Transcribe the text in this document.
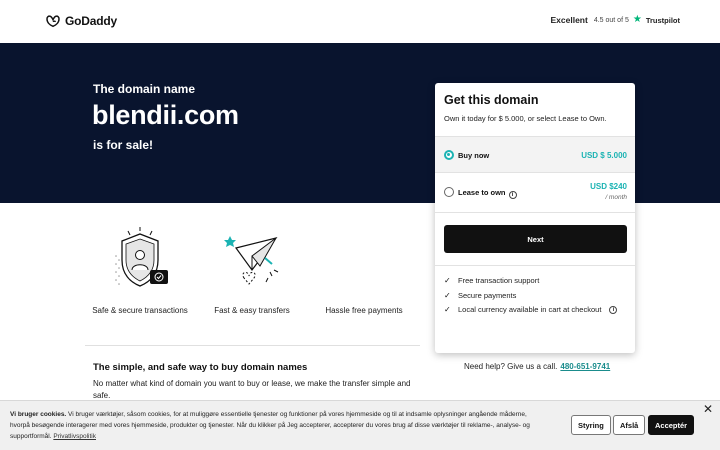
GoDaddy	Excellent 4.5 out of 5 ★ Trustpilot
The domain name
blendii.com
is for sale!
Safe & secure transactions	Fast & easy transfers	Hassle free payments
The simple, and safe way to buy domain names
No matter what kind of domain you want to buy or lease, we make the transfer simple and safe.
Get this domain
Own it today for $ 5.000, or select Lease to Own.
Buy now	USD $ 5.000
Lease to own i
USD $240
/ month
Next
✓ Free transaction support
✓ Secure payments
✓ Local currency available in cart at checkout	i
Need help? Give us a call. 480-651-9741
Vi bruger cookies. Vi bruger værktøjer, såsom cookies, for at muliggøre essentielle tjenester og funktioner på vores hjemmeside og til at indsamle oplysninger angående måderne, hvorpå besøgende interagerer med vores hjemmeside, produkter og tjenester. Når du klikker på Jeg accepterer, accepterer du vores brug af disse værktøjer til reklame-, analyse- og supportformål. Privatlivspolitik
Styring	Afslå	Acceptér
✕
